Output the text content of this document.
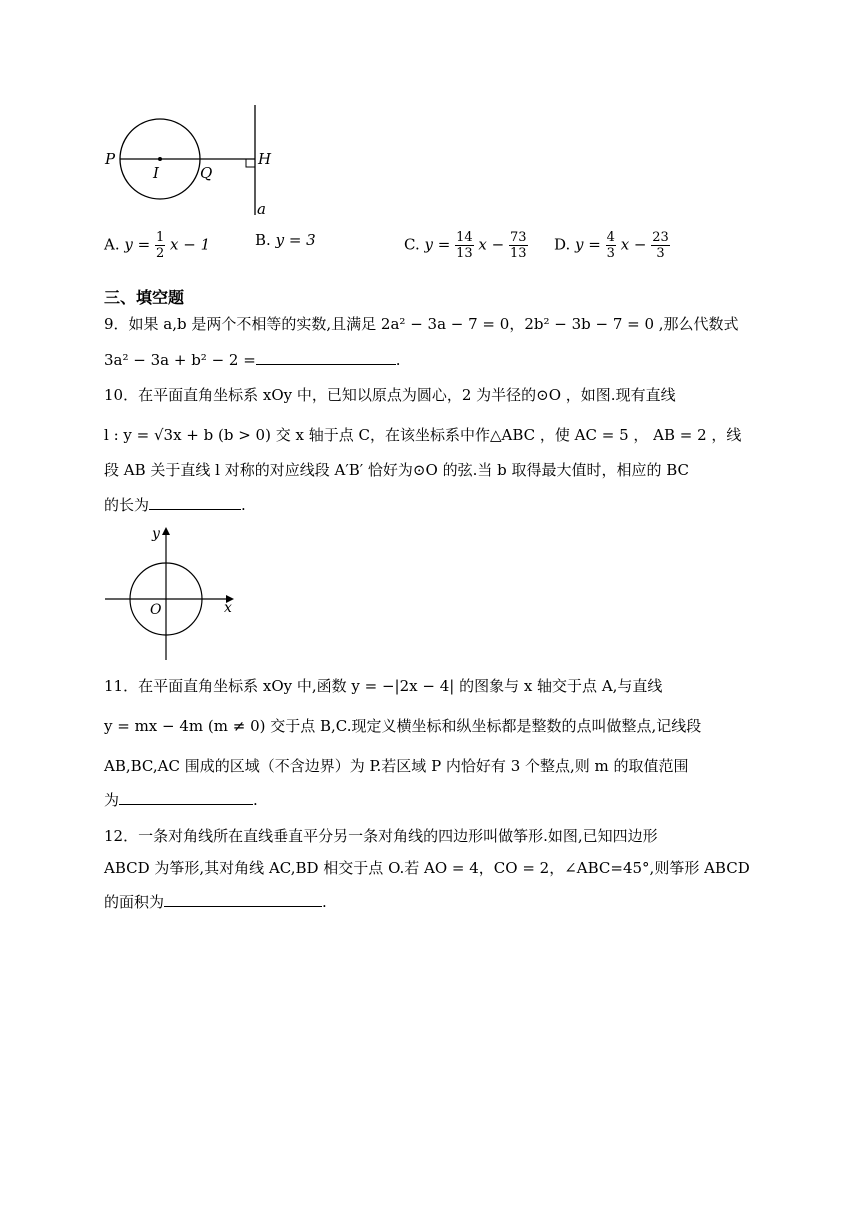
P
I	Q
H
a
A. $y = \frac{1}{2}$ x − 1	B. y = 3	C. $y = \frac{14}{13}$ $x - \frac{73}{13} D$. $y = \frac{4}{3}$ $x - \frac{23}{3}$
三、填空题
9．如果 a,b 是两个不相等的实数,且满足 2a² − 3a − 7 = 0，2b² − 3b − 7 = 0 ,那么代数式
3a² − 3a + b² − 2 =	.
10．在平面直角坐标系 xOy 中，已知以原点为圆心，2 为半径的⊙O ，如图.现有直线
l : y = √3x + b (b > 0) 交 x 轴于点 C，在该坐标系中作△ABC ，使 AC = 5 ， AB = 2 ，线
段 AB 关于直线 l 对称的对应线段 A′B′ 恰好为⊙O 的弦.当 b 取得最大值时，相应的 BC
的长为	.
y
x
O
11．在平面直角坐标系 xOy 中,函数 y = −|2x − 4| 的图象与 x 轴交于点 A,与直线
y = mx − 4m (m ≠ 0) 交于点 B,C.现定义横坐标和纵坐标都是整数的点叫做整点,记线段
AB,BC,AC 围成的区域（不含边界）为 P.若区域 P 内恰好有 3 个整点,则 m 的取值范围
为	.
12．一条对角线所在直线垂直平分另一条对角线的四边形叫做筝形.如图,已知四边形
ABCD 为筝形,其对角线 AC,BD 相交于点 O.若 AO = 4，CO = 2，∠ABC=45°,则筝形 ABCD
的面积为	.
